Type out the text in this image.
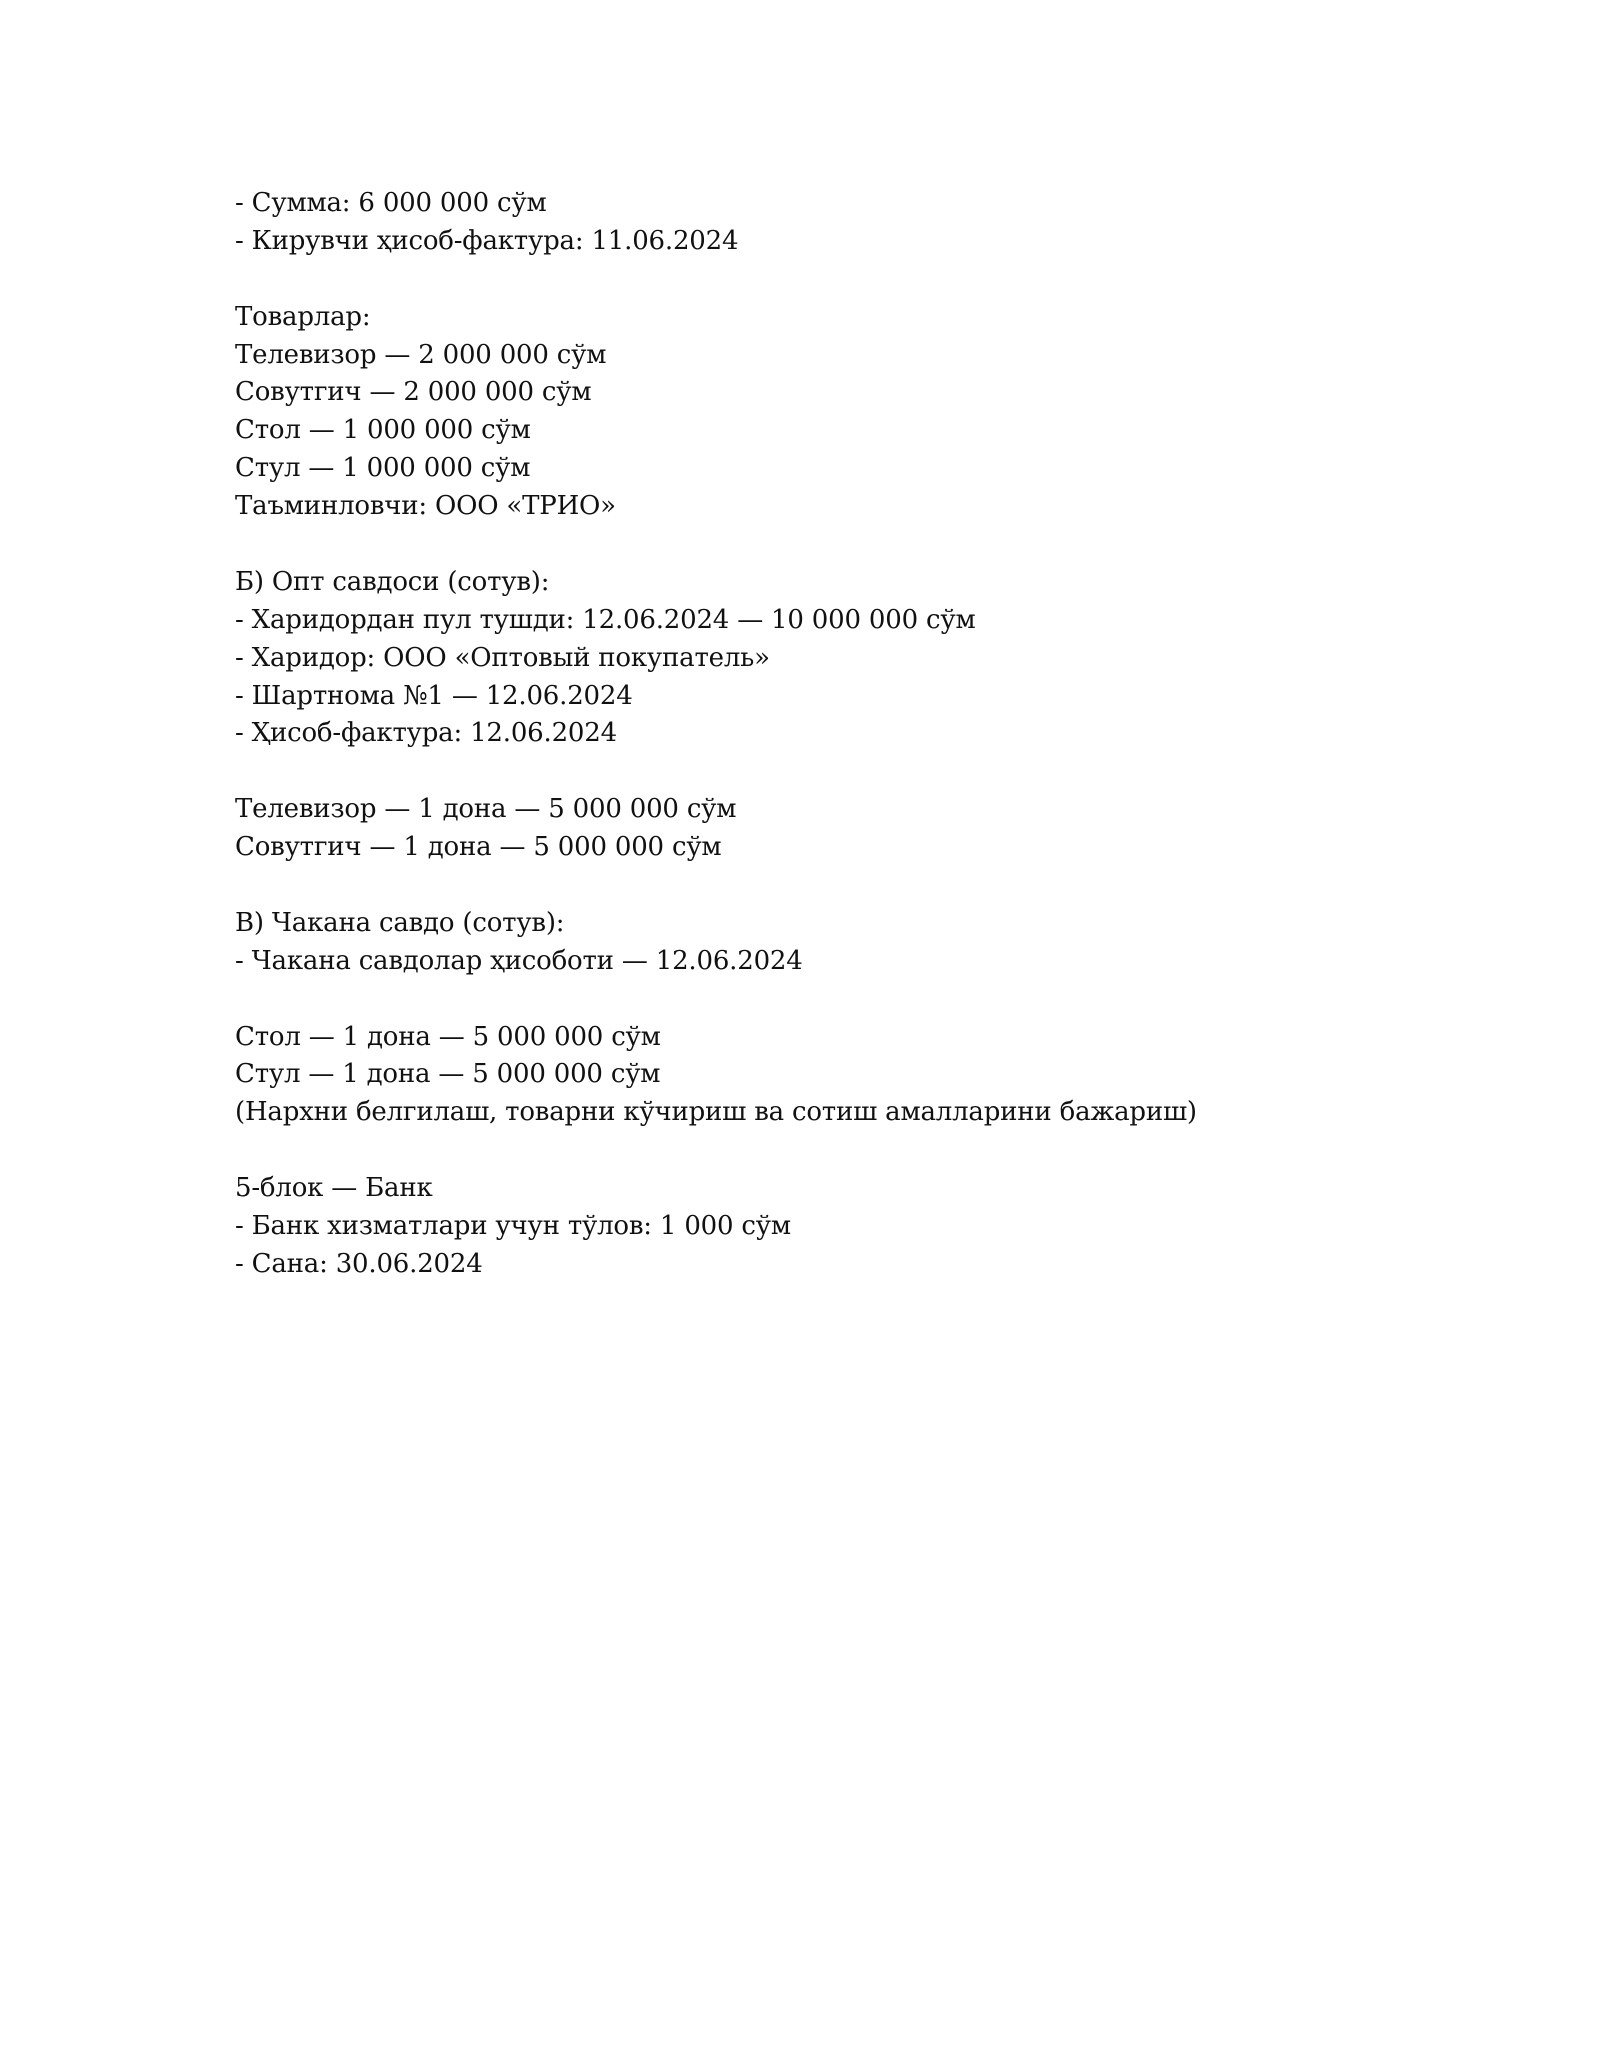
- Сумма: 6 000 000 сўм
- Кирувчи ҳисоб-фактура: 11.06.2024
Товарлар:
Телевизор — 2 000 000 сўм
Совутгич — 2 000 000 сўм
Стол — 1 000 000 сўм
Стул — 1 000 000 сўм
Таъминловчи: ООО «ТРИО»
Б) Опт савдоси (сотув):
- Харидордан пул тушди: 12.06.2024 — 10 000 000 сўм
- Харидор: ООО «Оптовый покупатель»
- Шартнома №1 — 12.06.2024
- Ҳисоб-фактура: 12.06.2024
Телевизор — 1 дона — 5 000 000 сўм
Совутгич — 1 дона — 5 000 000 сўм
В) Чакана савдо (сотув):
- Чакана савдолар ҳисоботи — 12.06.2024
Стол — 1 дона — 5 000 000 сўм
Стул — 1 дона — 5 000 000 сўм
(Нархни белгилаш, товарни кўчириш ва сотиш амалларини бажариш)
5-блок — Банк
- Банк хизматлари учун тўлов: 1 000 сўм
- Сана: 30.06.2024
